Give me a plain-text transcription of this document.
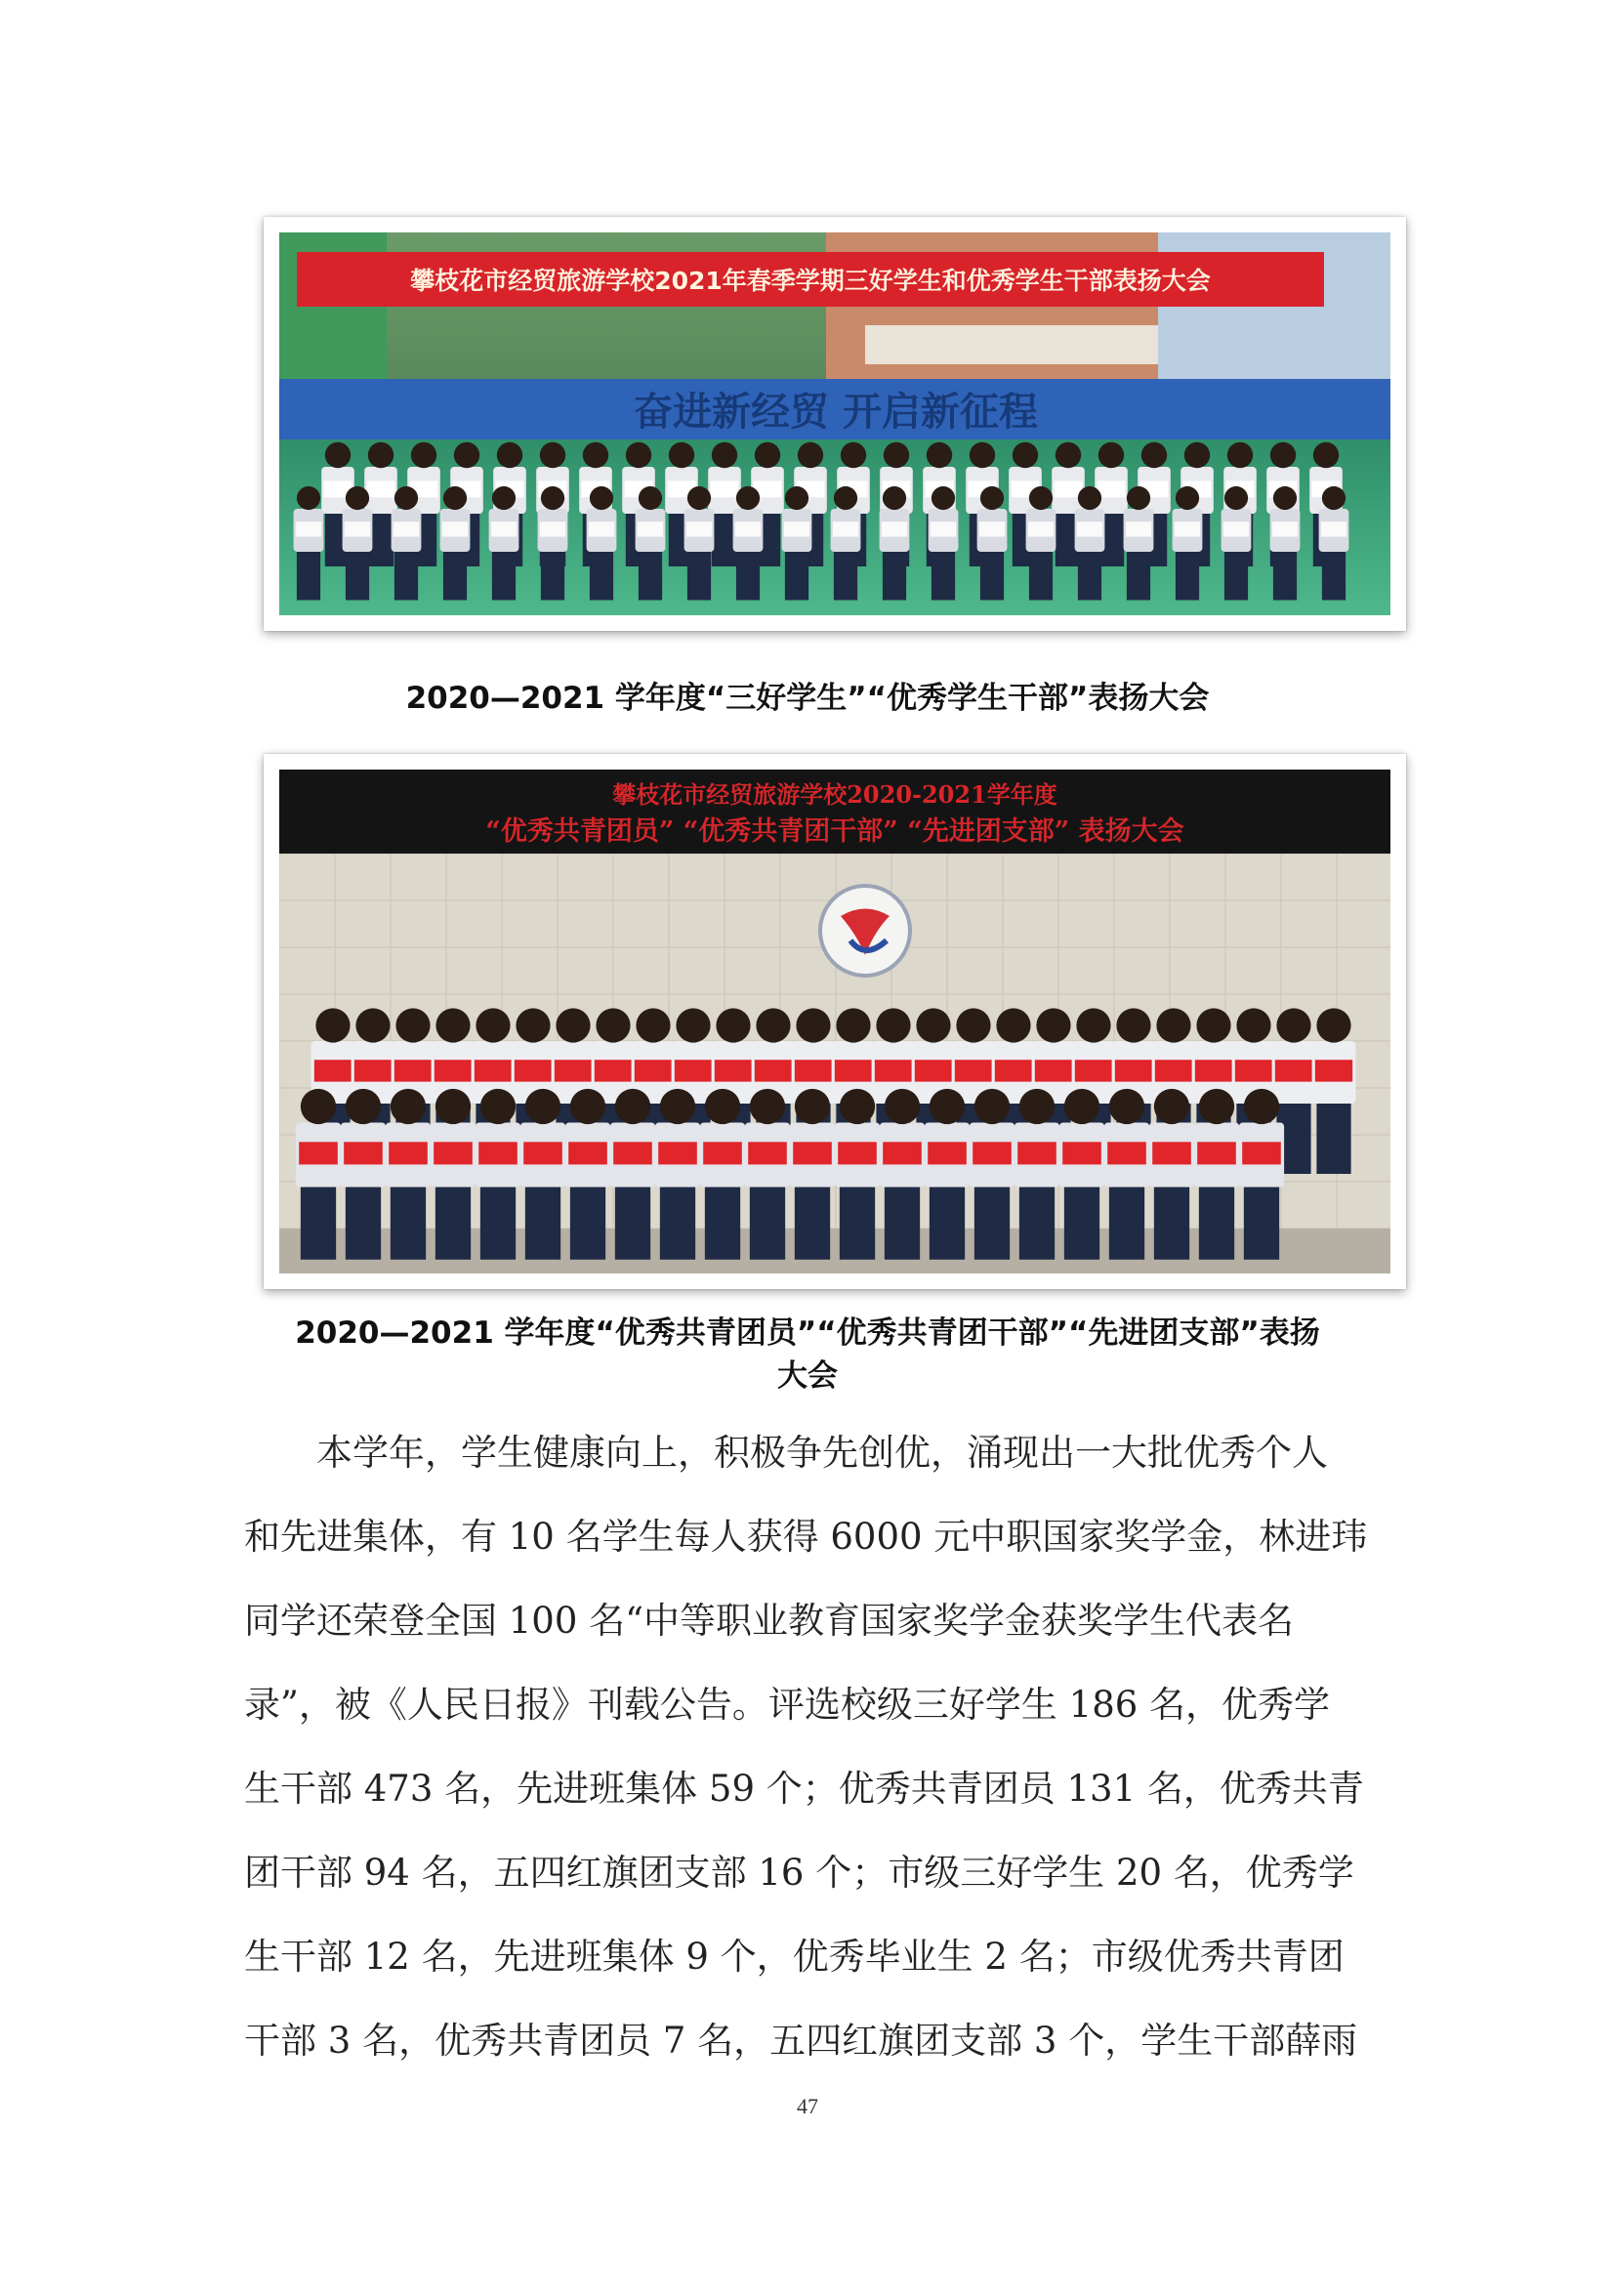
攀枝花市经贸旅游学校2021年春季学期三好学生和优秀学生干部表扬大会
奋进新经贸 开启新征程
2020—2021 学年度“三好学生”“优秀学生干部”表扬大会
攀枝花市经贸旅游学校2020-2021学年度
“优秀共青团员” “优秀共青团干部” “先进团支部” 表扬大会
2020—2021 学年度“优秀共青团员”“优秀共青团干部”“先进团支部”表扬
大会
　　本学年，学生健康向上，积极争先创优，涌现出一大批优秀个人
和先进集体，有 10 名学生每人获得 6000 元中职国家奖学金，林进玮
同学还荣登全国 100 名“中等职业教育国家奖学金获奖学生代表名
录”，被《人民日报》刊载公告。评选校级三好学生 186 名，优秀学
生干部 473 名，先进班集体 59 个；优秀共青团员 131 名，优秀共青
团干部 94 名，五四红旗团支部 16 个；市级三好学生 20 名，优秀学
生干部 12 名，先进班集体 9 个，优秀毕业生 2 名；市级优秀共青团
干部 3 名，优秀共青团员 7 名，五四红旗团支部 3 个，学生干部薛雨
47
